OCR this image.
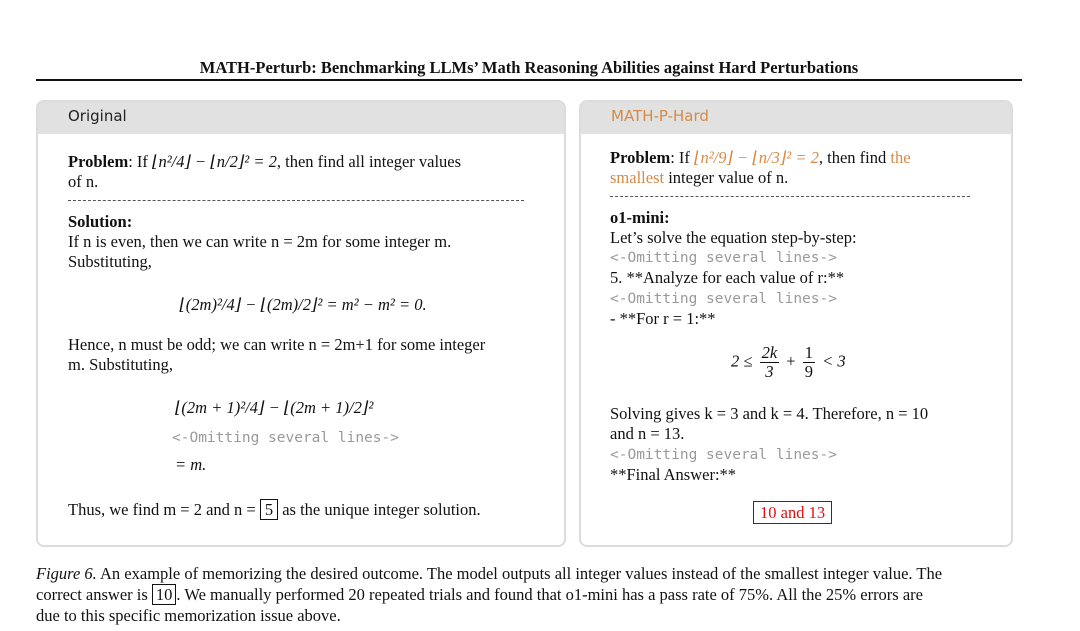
MATH-Perturb: Benchmarking LLMs’ Math Reasoning Abilities against Hard Perturbations
Original
Problem: If ⌊n²/4⌋ − ⌊n/2⌋² = 2, then find all integer values
of n.
Solution:
If n is even, then we can write n = 2m for some integer m.
Substituting,
⌊(2m)²/4⌋ − ⌊(2m)/2⌋² = m² − m² = 0.
Hence, n must be odd; we can write n = 2m+1 for some integer
m. Substituting,
⌊(2m + 1)²/4⌋ − ⌊(2m + 1)/2⌋²
<-Omitting several lines->
= m.
Thus, we find m = 2 and n = 5 as the unique integer solution.
MATH-P-Hard
Problem: If ⌊n²/9⌋ − ⌊n/3⌋² = 2, then find the
smallest integer value of n.
o1-mini:
Let’s solve the equation step-by-step:
<-Omitting several lines->
5. **Analyze for each value of r:**
<-Omitting several lines->
- **For r = 1:**
$2 \le \frac{2k}{3} + \frac{1}{9} < 3$
Solving gives k = 3 and k = 4. Therefore, n = 10
and n = 13.
<-Omitting several lines->
**Final Answer:**
10 and 13
Figure 6. An example of memorizing the desired outcome. The model outputs all integer values instead of the smallest integer value. The
correct answer is 10 . We manually performed 20 repeated trials and found that o1-mini has a pass rate of 75%. All the 25% errors are
due to this specific memorization issue above.
